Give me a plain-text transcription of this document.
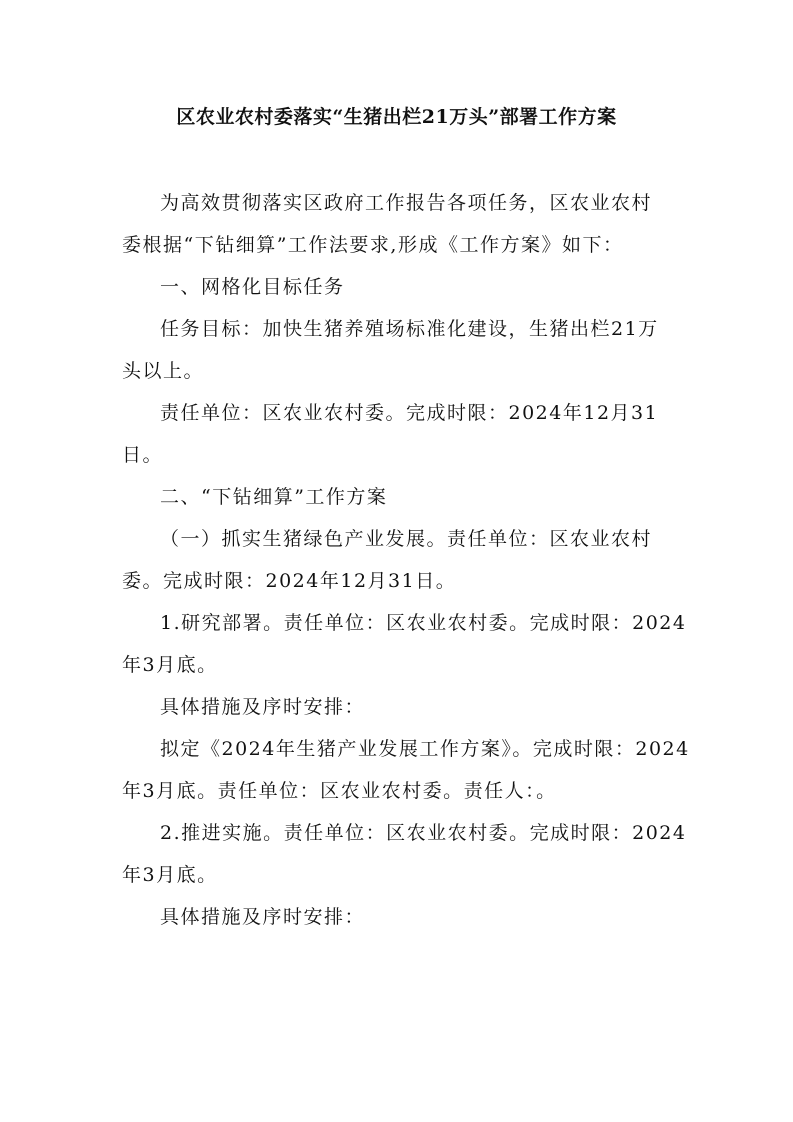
区农业农村委落实“生猪出栏21万头”部署工作方案
为高效贯彻落实区政府工作报告各项任务，区农业农村
委根据“下钻细算”工作法要求,形成《工作方案》如下：
一、网格化目标任务
任务目标：加快生猪养殖场标准化建设，生猪出栏21万
头以上。
责任单位：区农业农村委。完成时限：2024年12月31
日。
二、“下钻细算”工作方案
（一）抓实生猪绿色产业发展。责任单位：区农业农村
委。完成时限：2024年12月31日。
1.研究部署。责任单位：区农业农村委。完成时限：2024
年3月底。
具体措施及序时安排：
拟定《2024年生猪产业发展工作方案》。完成时限：2024
年3月底。责任单位：区农业农村委。责任人：。
2.推进实施。责任单位：区农业农村委。完成时限：2024
年3月底。
具体措施及序时安排：
